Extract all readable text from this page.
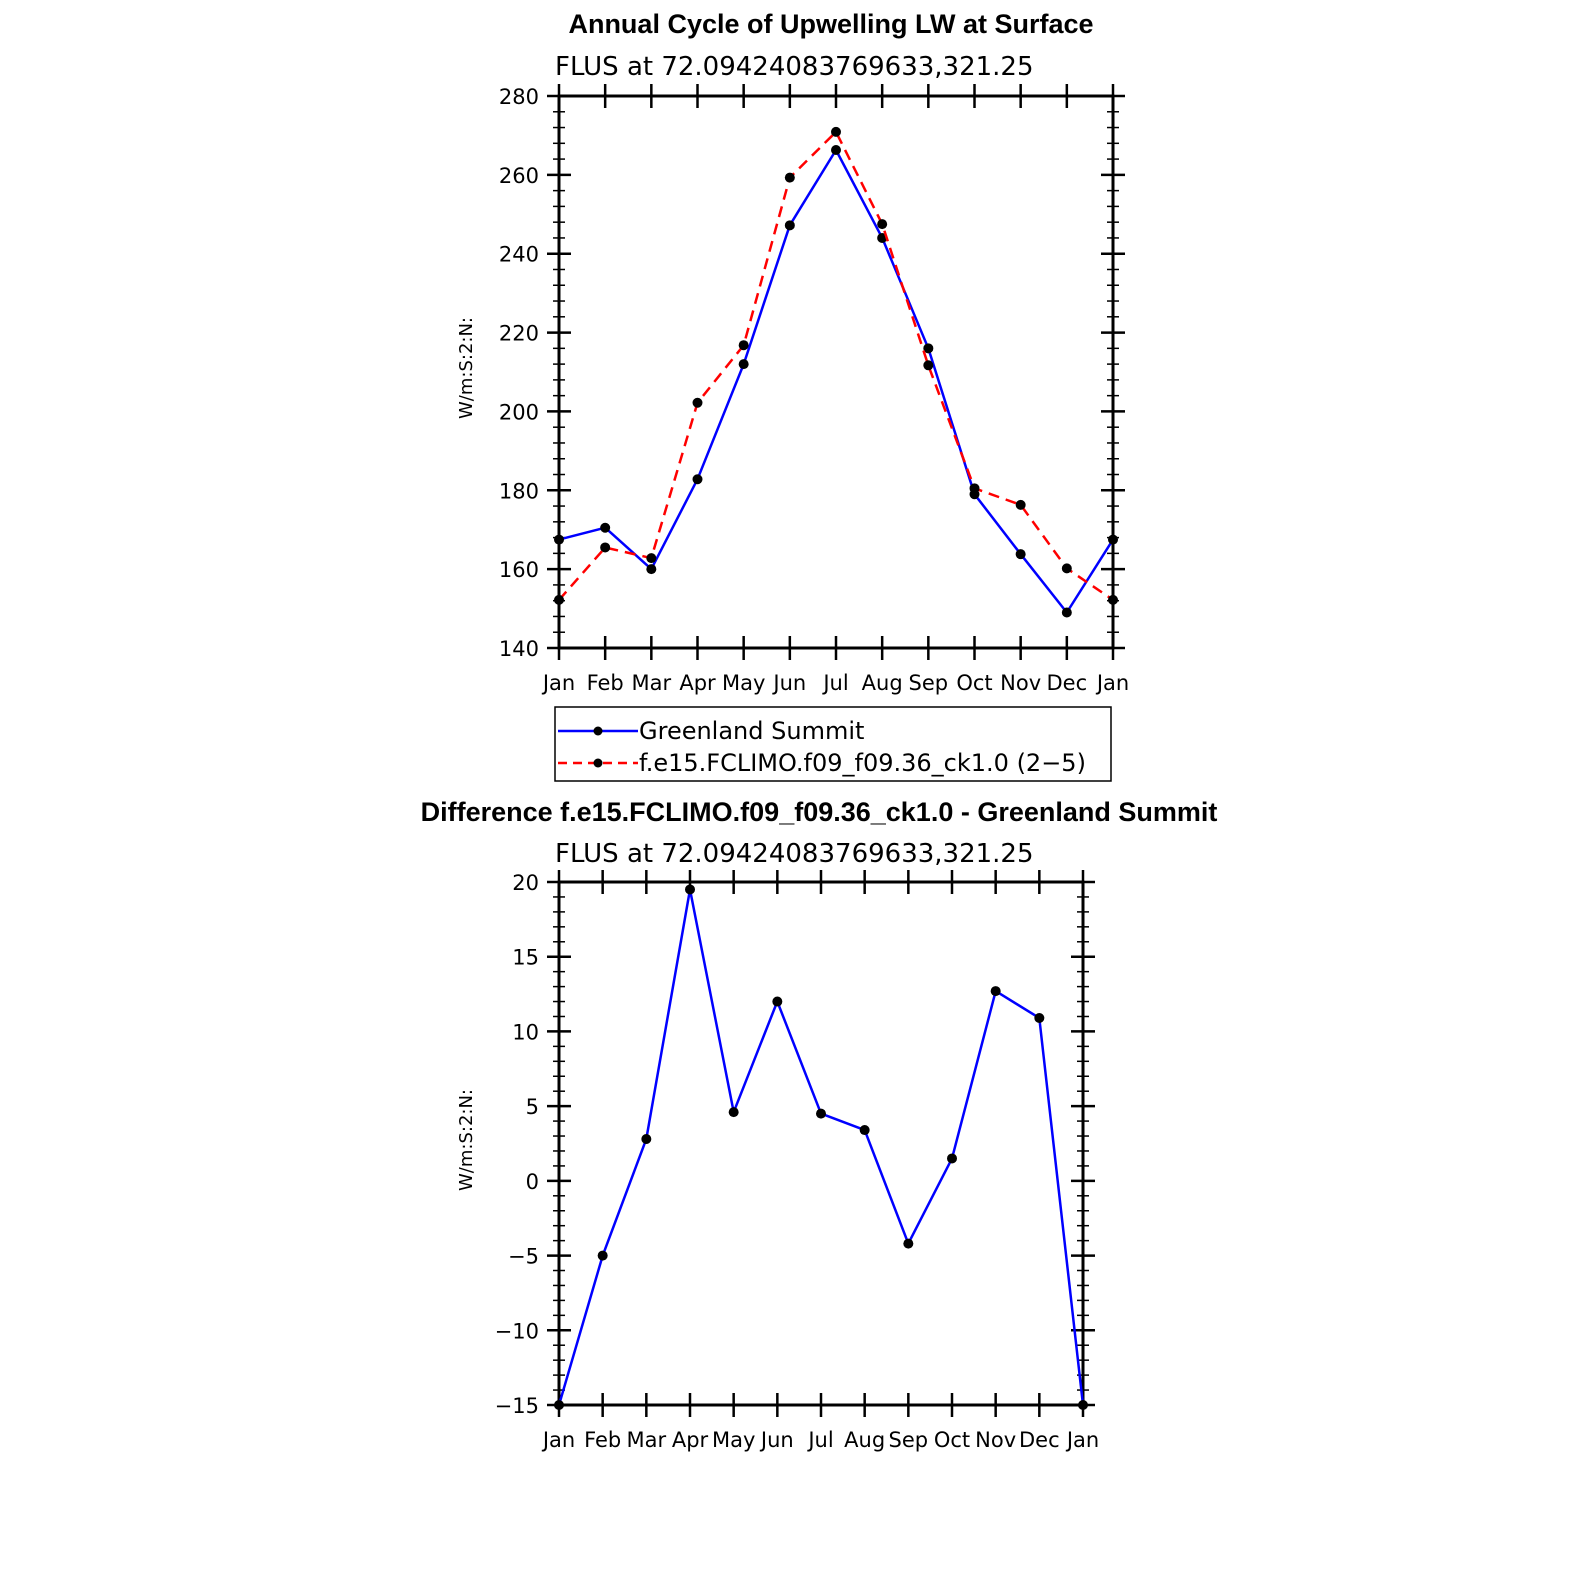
Annual Cycle of Upwelling LW at Surface
FLUS at 72.09424083769633,321.25
W/m:S:2:N:
140
160
180
200
220
240
260
280
Jan Feb Mar Apr May Jun Jul Aug Sep Oct Nov Dec Jan
Greenland Summit
f.e15.FCLIMO.f09_f09.36_ck1.0 (2−5)
Difference f.e15.FCLIMO.f09_f09.36_ck1.0 - Greenland Summit
FLUS at 72.09424083769633,321.25
W/m:S:2:N:
−15
−10
−5
0
5
10
15
20
Jan Feb Mar Apr May Jun Jul Aug Sep Oct Nov Dec Jan
